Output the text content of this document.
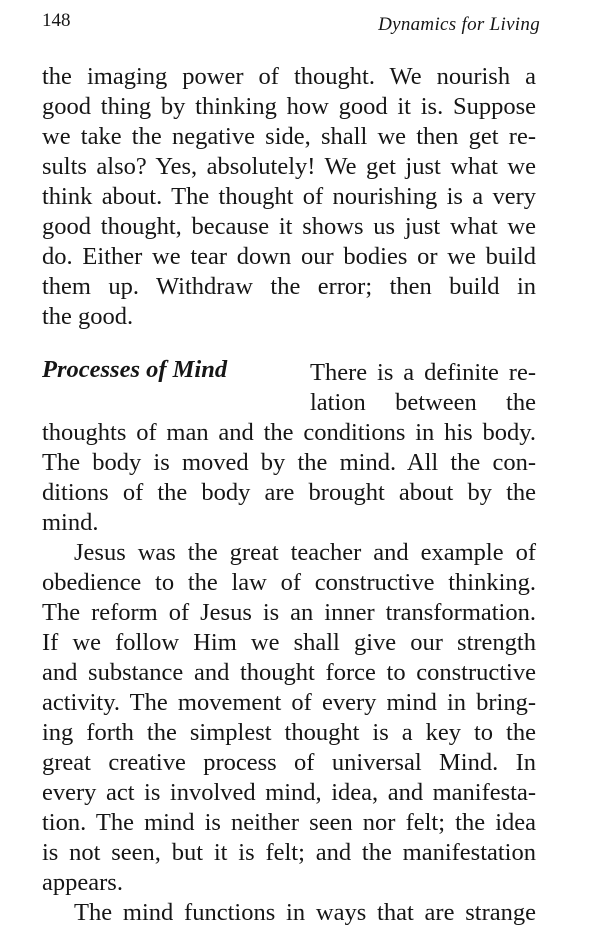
148	Dynamics for Living
the imaging power of thought. We nourish a
good thing by thinking how good it is. Suppose
we take the negative side, shall we then get re-
sults also? Yes, absolutely! We get just what we
think about. The thought of nourishing is a very
good thought, because it shows us just what we
do. Either we tear down our bodies or we build
them up. Withdraw the error; then build in
the good.
Processes of Mind	There is a definite re-
lation between the
thoughts of man and the conditions in his body.
The body is moved by the mind. All the con-
ditions of the body are brought about by the
mind.
Jesus was the great teacher and example of
obedience to the law of constructive thinking.
The reform of Jesus is an inner transformation.
If we follow Him we shall give our strength
and substance and thought force to constructive
activity. The movement of every mind in bring-
ing forth the simplest thought is a key to the
great creative process of universal Mind. In
every act is involved mind, idea, and manifesta-
tion. The mind is neither seen nor felt; the idea
is not seen, but it is felt; and the manifestation
appears.
The mind functions in ways that are strange
